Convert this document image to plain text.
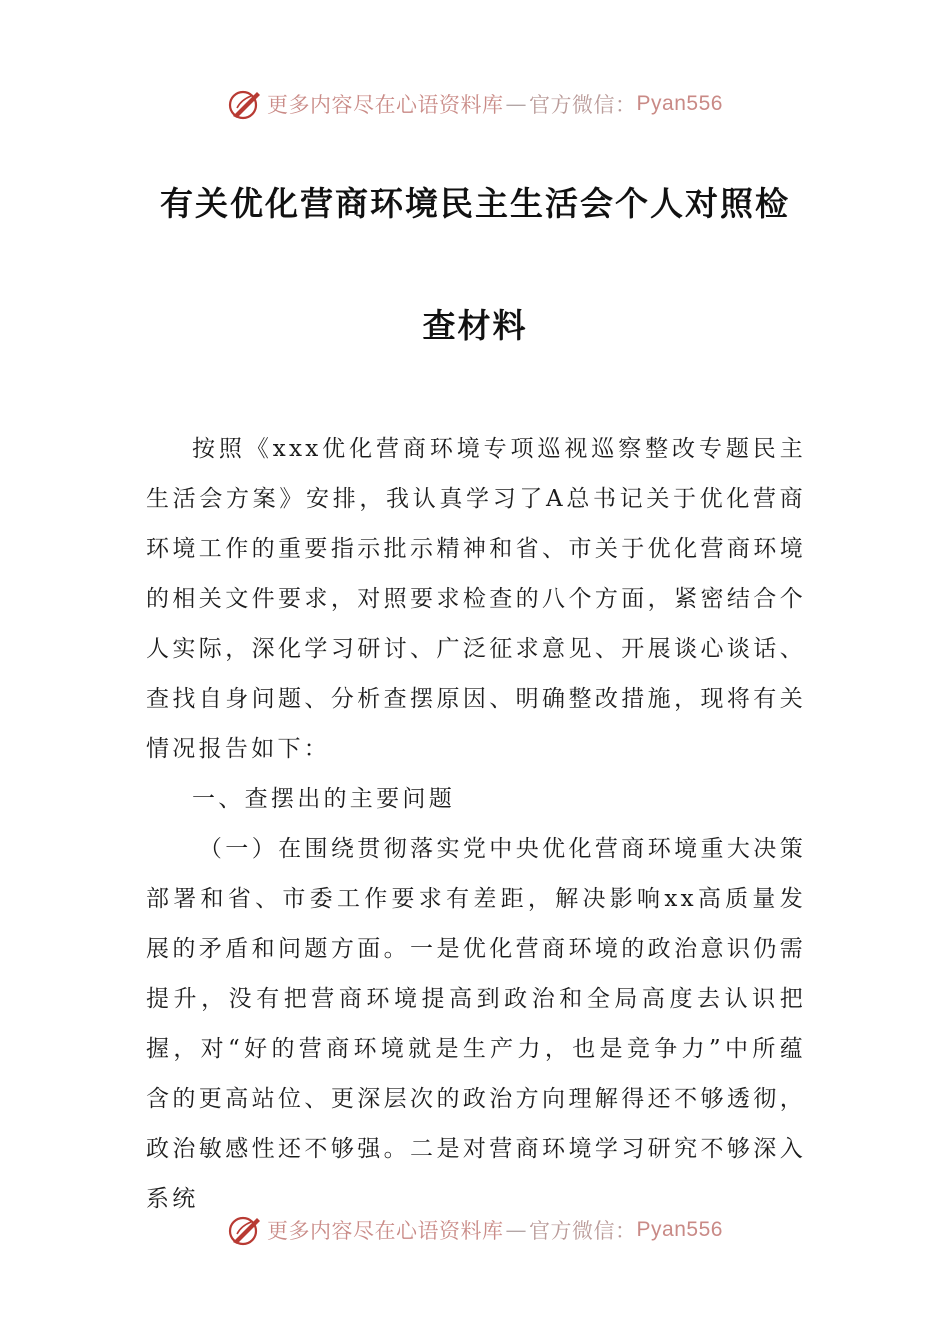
更多内容尽在心语资料库 — 官方微信： Pyan556
有关优化营商环境民主生活会个人对照检
查材料

按照《xxx优化营商环境专项巡视巡察整改专题民主生活会方案》安排，我认真学习了A总书记关于优化营商环境工作的重要指示批示精神和省、市关于优化营商环境的相关文件要求，对照要求检查的八个方面，紧密结合个人实际，深化学习研讨、广泛征求意见、开展谈心谈话、查找自身问题、分析查摆原因、明确整改措施，现将有关情况报告如下：

一、查摆出的主要问题

（一）在围绕贯彻落实党中央优化营商环境重大决策部署和省、市委工作要求有差距，解决影响xx高质量发展的矛盾和问题方面。一是优化营商环境的政治意识仍需提升，没有把营商环境提高到政治和全局高度去认识把握，对“好的营商环境就是生产力，也是竞争力”中所蕴含的更高站位、更深层次的政治方向理解得还不够透彻，政治敏感性还不够强。二是对营商环境学习研究不够深入系统

更多内容尽在心语资料库 — 官方微信： Pyan556
